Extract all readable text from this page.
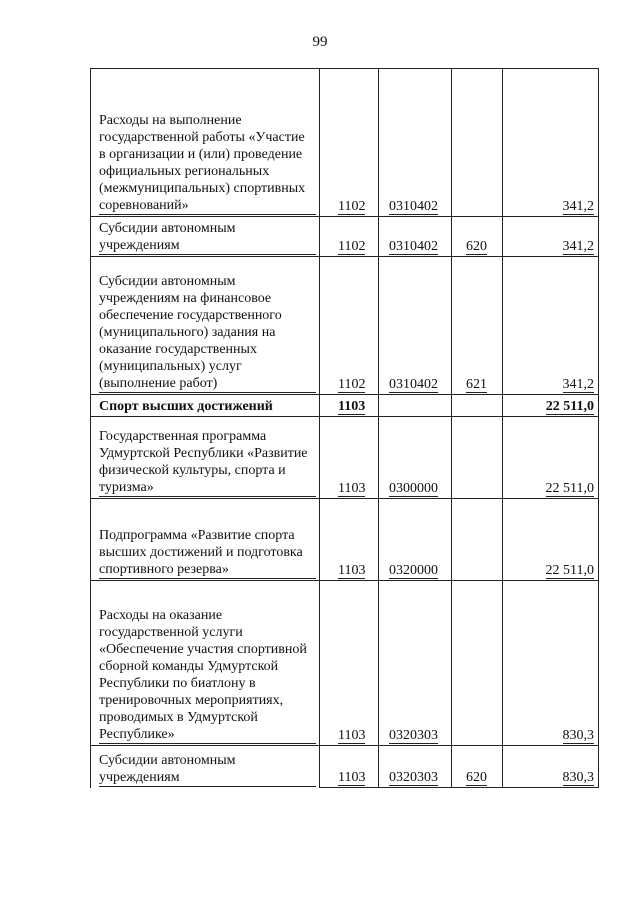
99
Расходы на выполнение государственной работы «Участие в организации и (или) проведение официальных региональных (межмуниципальных) спортивных соревнований»	1102	0310402		341,2
Субсидии автономным учреждениям	1102	0310402	620	341,2
Субсидии автономным учреждениям на финансовое обеспечение государственного (муниципального) задания на оказание государственных (муниципальных) услуг (выполнение работ)	1102	0310402	621	341,2
Спорт высших достижений	1103			22 511,0
Государственная программа Удмуртской Республики «Развитие физической культуры, спорта и туризма»	1103	0300000		22 511,0
Подпрограмма «Развитие спорта высших достижений и подготовка спортивного резерва»	1103	0320000		22 511,0
Расходы на оказание государственной услуги «Обеспечение участия спортивной сборной команды Удмуртской Республики по биатлону в тренировочных мероприятиях, проводимых в Удмуртской Республике»	1103	0320303		830,3
Субсидии автономным учреждениям	1103	0320303	620	830,3
